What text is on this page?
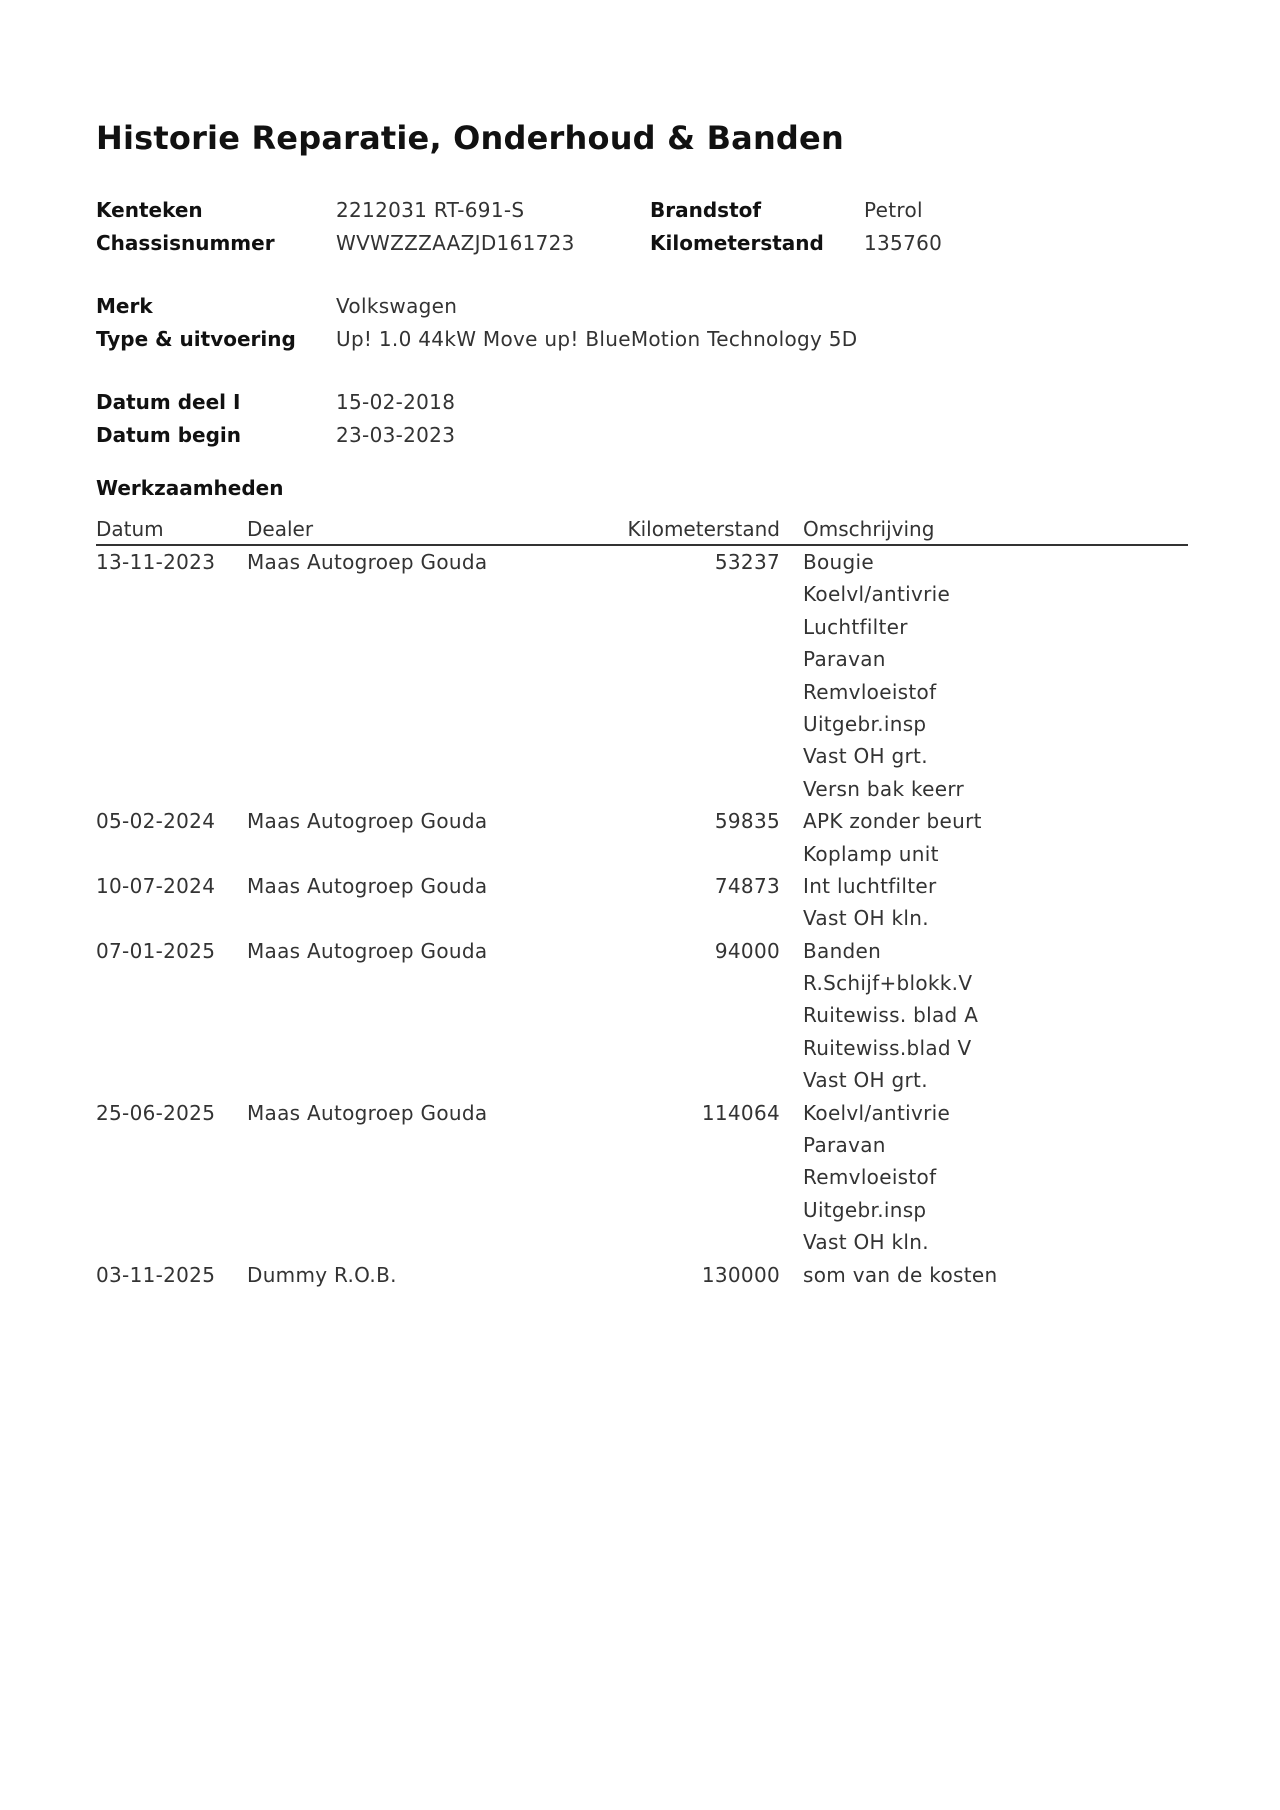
Historie Reparatie, Onderhoud & Banden
Kenteken	2212031 RT-691-S	Brandstof	Petrol
Chassisnummer	WVWZZZAAZJD161723	Kilometerstand 135760
Merk	Volkswagen
Type & uitvoering Up! 1.0 44kW Move up! BlueMotion Technology 5D
Datum deel I	15-02-2018
Datum begin	23-03-2023
Werkzaamheden
Datum	Dealer	Kilometerstand Omschrijving
13-11-2023 Maas Autogroep Gouda	53237 Bougie
Koelvl/antivrie
Luchtfilter
Paravan
Remvloeistof
Uitgebr.insp
Vast OH grt.
Versn bak keerr
05-02-2024 Maas Autogroep Gouda	59835 APK zonder beurt
Koplamp unit
10-07-2024 Maas Autogroep Gouda	74873 Int luchtfilter
Vast OH kln.
07-01-2025 Maas Autogroep Gouda	94000 Banden
R.Schijf+blokk.V
Ruitewiss. blad A
Ruitewiss.blad V
Vast OH grt.
25-06-2025 Maas Autogroep Gouda	114064 Koelvl/antivrie
Paravan
Remvloeistof
Uitgebr.insp
Vast OH kln.
03-11-2025 Dummy R.O.B.	130000 som van de kosten
